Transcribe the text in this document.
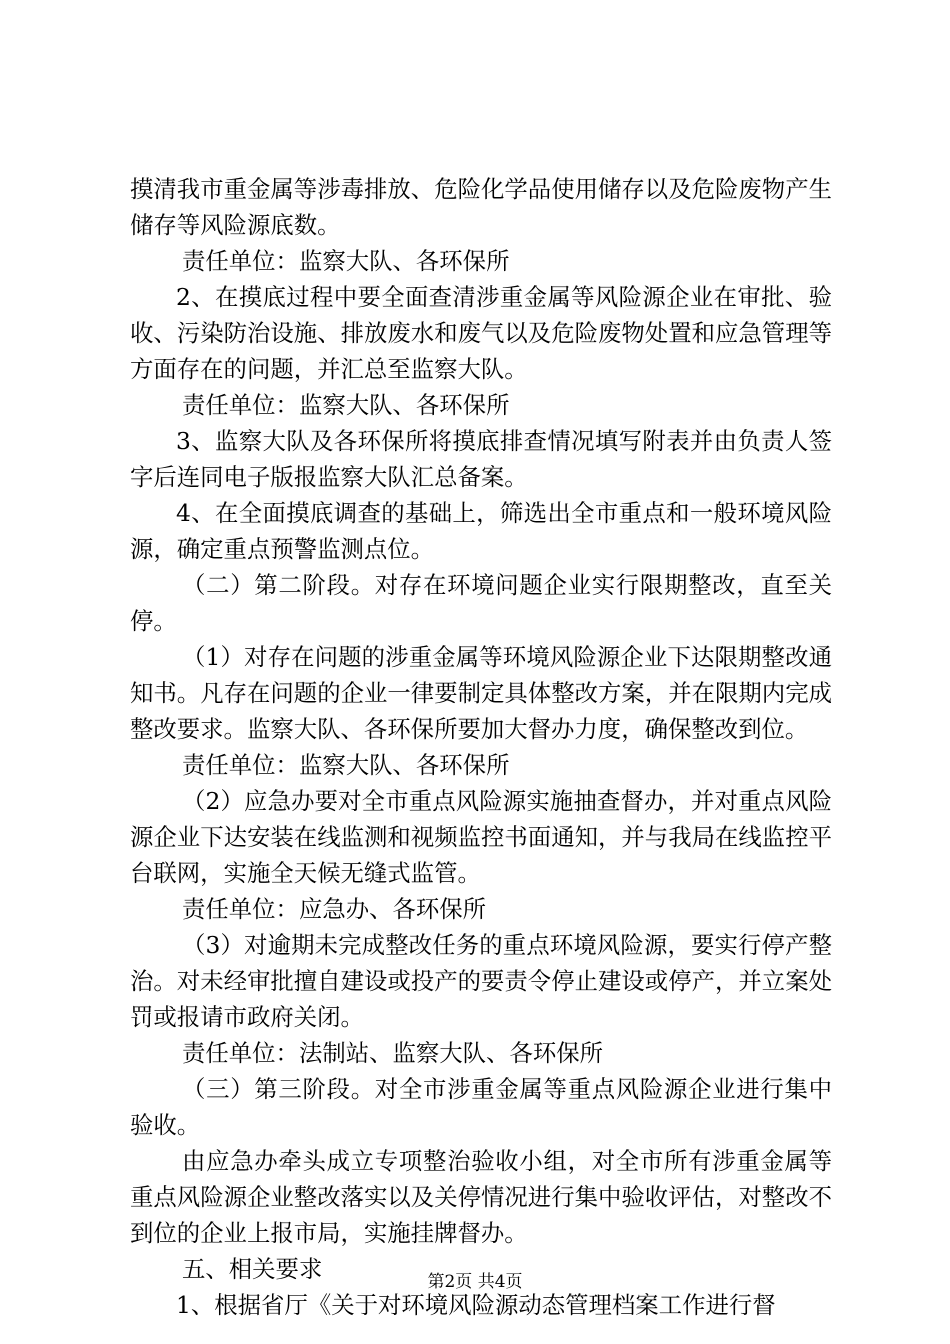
摸清我市重金属等涉毒排放、危险化学品使用储存以及危险废物产生储存等风险源底数。

责任单位：监察大队、各环保所

2、在摸底过程中要全面查清涉重金属等风险源企业在审批、验收、污染防治设施、排放废水和废气以及危险废物处置和应急管理等方面存在的问题，并汇总至监察大队。

责任单位：监察大队、各环保所

3、监察大队及各环保所将摸底排查情况填写附表并由负责人签字后连同电子版报监察大队汇总备案。

4、在全面摸底调查的基础上，筛选出全市重点和一般环境风险源，确定重点预警监测点位。

（二）第二阶段。对存在环境问题企业实行限期整改，直至关停。

（1）对存在问题的涉重金属等环境风险源企业下达限期整改通知书。凡存在问题的企业一律要制定具体整改方案，并在限期内完成整改要求。监察大队、各环保所要加大督办力度，确保整改到位。

责任单位：监察大队、各环保所

（2）应急办要对全市重点风险源实施抽查督办，并对重点风险源企业下达安装在线监测和视频监控书面通知，并与我局在线监控平台联网，实施全天候无缝式监管。

责任单位：应急办、各环保所

（3）对逾期未完成整改任务的重点环境风险源，要实行停产整治。对未经审批擅自建设或投产的要责令停止建设或停产，并立案处罚或报请市政府关闭。

责任单位：法制站、监察大队、各环保所

（三）第三阶段。对全市涉重金属等重点风险源企业进行集中验收。

由应急办牵头成立专项整治验收小组，对全市所有涉重金属等重点风险源企业整改落实以及关停情况进行集中验收评估，对整改不到位的企业上报市局，实施挂牌督办。

五、相关要求

1、根据省厅《关于对环境风险源动态管理档案工作进行督

第2页 共4页
